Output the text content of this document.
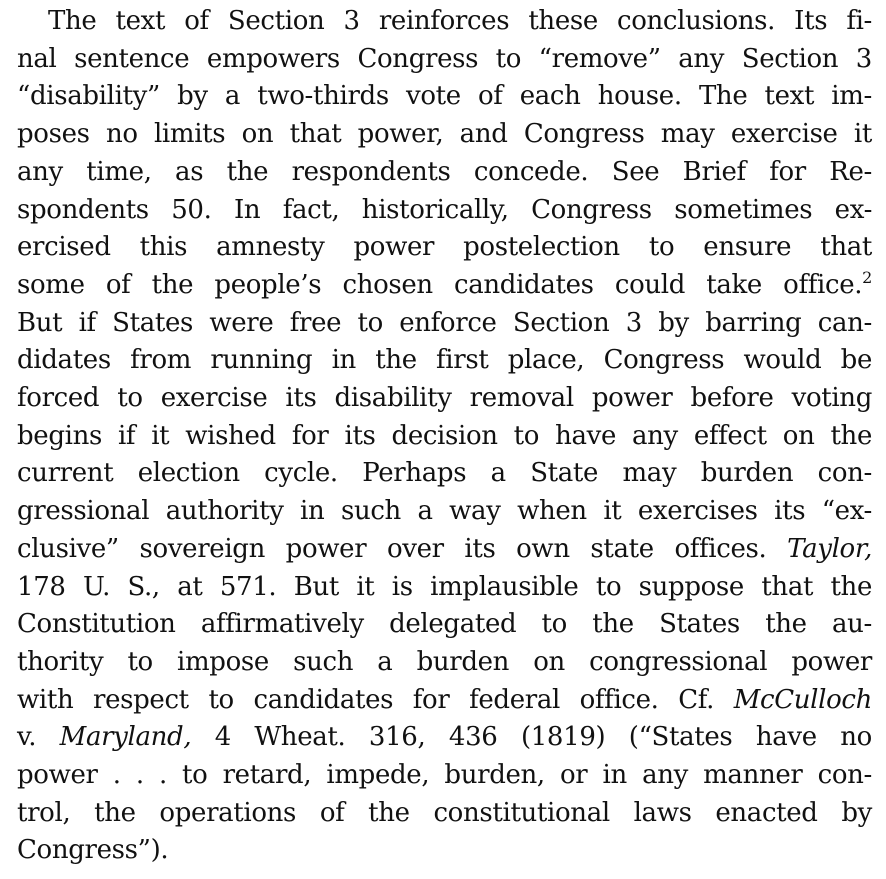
The text of Section 3 reinforces these conclusions. Its fi-
nal sentence empowers Congress to “remove” any Section 3
“disability” by a two-thirds vote of each house. The text im-
poses no limits on that power, and Congress may exercise it
any time, as the respondents concede. See Brief for Re-
spondents 50. In fact, historically, Congress sometimes ex-
ercised this amnesty power postelection to ensure that
some of the people’s chosen candidates could take office.$^2$
But if States were free to enforce Section 3 by barring can-
didates from running in the first place, Congress would be
forced to exercise its disability removal power before voting
begins if it wished for its decision to have any effect on the
current election cycle. Perhaps a State may burden con-
gressional authority in such a way when it exercises its “ex-
clusive” sovereign power over its own state offices. Taylor,
178 U. S., at 571. But it is implausible to suppose that the
Constitution affirmatively delegated to the States the au-
thority to impose such a burden on congressional power
with respect to candidates for federal office. Cf. McCulloch
v. Maryland, 4 Wheat. 316, 436 (1819) (“States have no
power . . . to retard, impede, burden, or in any manner con-
trol, the operations of the constitutional laws enacted by
Congress”).
